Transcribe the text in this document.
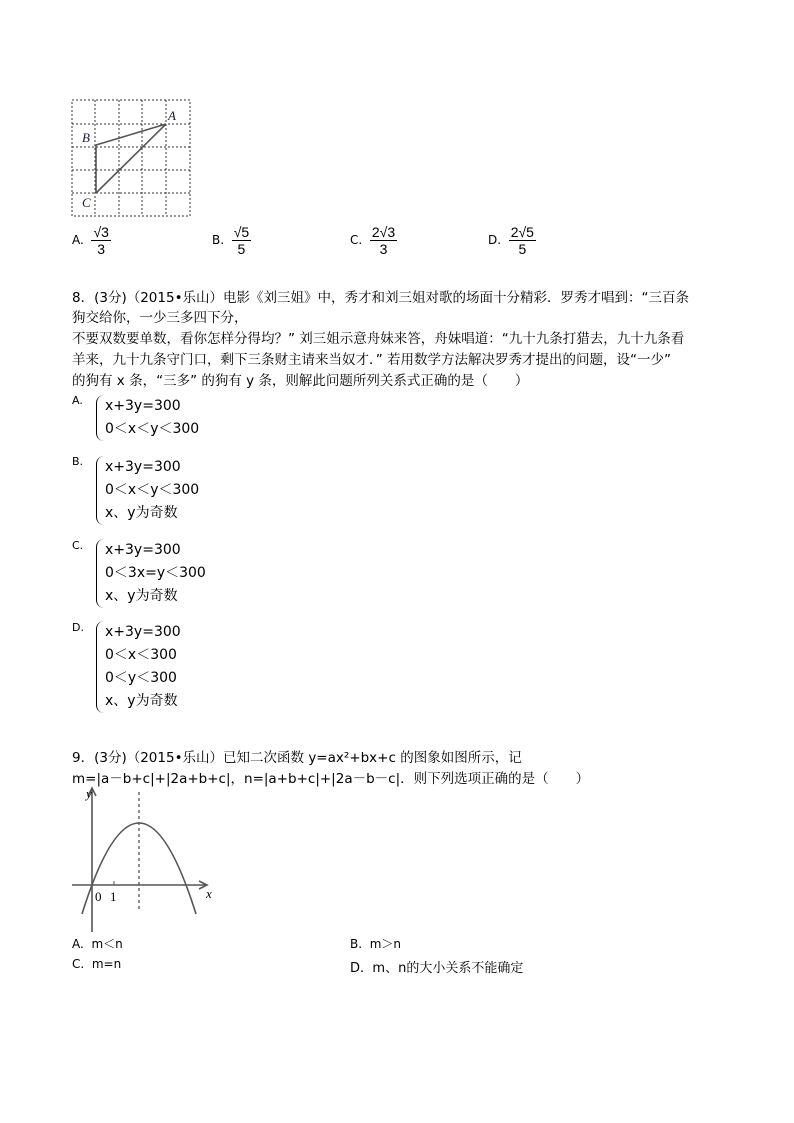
A
B
C
A. $\frac{√3}{3}$	B. $\frac{√5}{5}$	C. $\frac{2√3}{3}$	D. $\frac{2√5}{5}$
8．(3分)（2015•乐山）电影《刘三姐》中，秀才和刘三姐对歌的场面十分精彩．罗秀才唱到：“三百条
狗交给你，一少三多四下分，
不要双数要单数，看你怎样分得均？” 刘三姐示意舟妹来答，舟妹唱道：“九十九条打猎去，九十九条看
羊来，九十九条守门口，剩下三条财主请来当奴才．” 若用数学方法解决罗秀才提出的问题，设“一少”
的狗有 x 条，“三多” 的狗有 y 条，则解此问题所列关系式正确的是（　　）
A. x+3y=300
0＜x＜y＜300
B. x+3y=300
0＜x＜y＜300
x、y为奇数
C. x+3y=300
0＜3x=y＜300
x、y为奇数
D. x+3y=300
0＜x＜300
0＜y＜300
x、y为奇数
9．(3分)（2015•乐山）已知二次函数 y=ax²+bx+c 的图象如图所示，记
m=|a－b+c|+|2a+b+c|，n=|a+b+c|+|2a－b－c|．则下列选项正确的是（　　）
y
x
0 1
A. m＜n	B. m＞n
C. m=n	D. m、n的大小关系不能确定
